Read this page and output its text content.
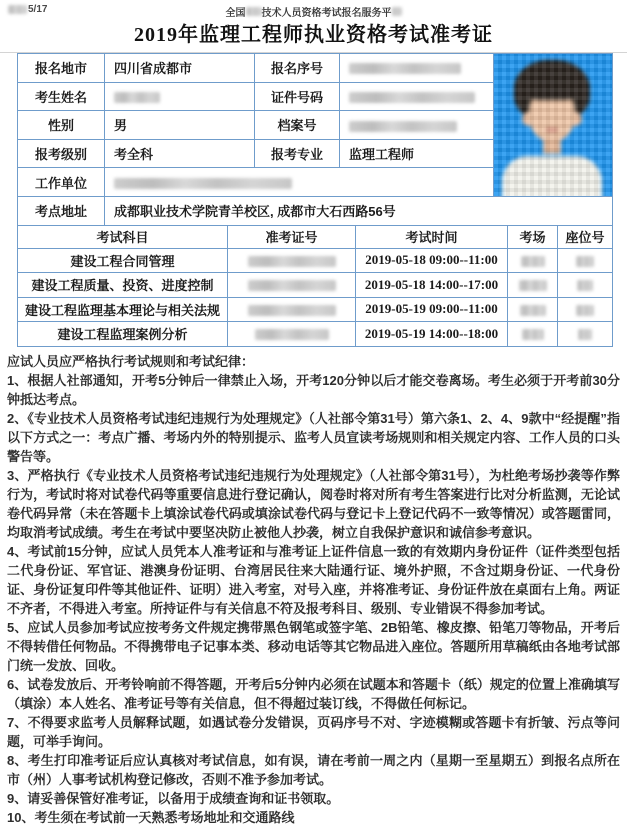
5/17	全国 技术人员资格考试报名服务平
2019年监理工程师执业资格考试准考证
报名地市	四川省成都市	报名序号		

考生姓名		证件号码		
性别	男	档案号		
报考级别	考全科	报考专业	监理工程师	
工作单位				
考点地址	成都职业技术学院青羊校区, 成都市大石西路56号			
考试科目	准考证号	考试时间	考场	座位号
建设工程合同管理		2019-05-18 09:00--11:00		
建设工程质量、投资、进度控制		2019-05-18 14:00--17:00		
建设工程监理基本理论与相关法规		2019-05-19 09:00--11:00		
建设工程监理案例分析		2019-05-19 14:00--18:00		

应试人员应严格执行考试规则和考试纪律：

1、根据人社部通知，开考5分钟后一律禁止入场，开考120分钟以后才能交卷离场。考生必须于开考前30分钟抵达考点。

2、《专业技术人员资格考试违纪违规行为处理规定》（人社部令第31号）第六条1、2、4、9款中“经提醒”指以下方式之一：考点广播、考场内外的特别提示、监考人员宣读考场规则和相关规定内容、工作人员的口头警告等。

3、严格执行《专业技术人员资格考试违纪违规行为处理规定》（人社部令第31号），为杜绝考场抄袭等作弊行为，考试时将对试卷代码等重要信息进行登记确认，阅卷时将对所有考生答案进行比对分析监测，无论试卷代码异常（未在答题卡上填涂试卷代码或填涂试卷代码与登记卡上登记代码不一致等情况）或答题雷同，均取消考试成绩。考生在考试中要坚决防止被他人抄袭，树立自我保护意识和诚信参考意识。

4、考试前15分钟，应试人员凭本人准考证和与准考证上证件信息一致的有效期内身份证件（证件类型包括二代身份证、军官证、港澳身份证明、台湾居民往来大陆通行证、境外护照，不含过期身份证、一代身份证、身份证复印件等其他证件、证明）进入考室，对号入座，并将准考证、身份证件放在桌面右上角。两证不齐者，不得进入考室。所持证件与有关信息不符及报考科目、级别、专业错误不得参加考试。

5、应试人员参加考试应按考务文件规定携带黑色钢笔或签字笔、2B铅笔、橡皮擦、铅笔刀等物品，开考后不得转借任何物品。不得携带电子记事本类、移动电话等其它物品进入座位。答题所用草稿纸由各地考试部门统一发放、回收。

6、试卷发放后、开考铃响前不得答题，开考后5分钟内必须在试题本和答题卡（纸）规定的位置上准确填写（填涂）本人姓名、准考证号等有关信息，但不得超过装订线，不得做任何标记。

7、不得要求监考人员解释试题，如遇试卷分发错误，页码序号不对、字迹模糊或答题卡有折皱、污点等问题，可举手询问。

8、考生打印准考证后应认真核对考试信息，如有误，请在考前一周之内（星期一至星期五）到报名点所在市（州）人事考试机构登记修改，否则不准予参加考试。

9、请妥善保管好准考证，以备用于成绩查询和证书领取。

10、考生须在考试前一天熟悉考场地址和交通路线
